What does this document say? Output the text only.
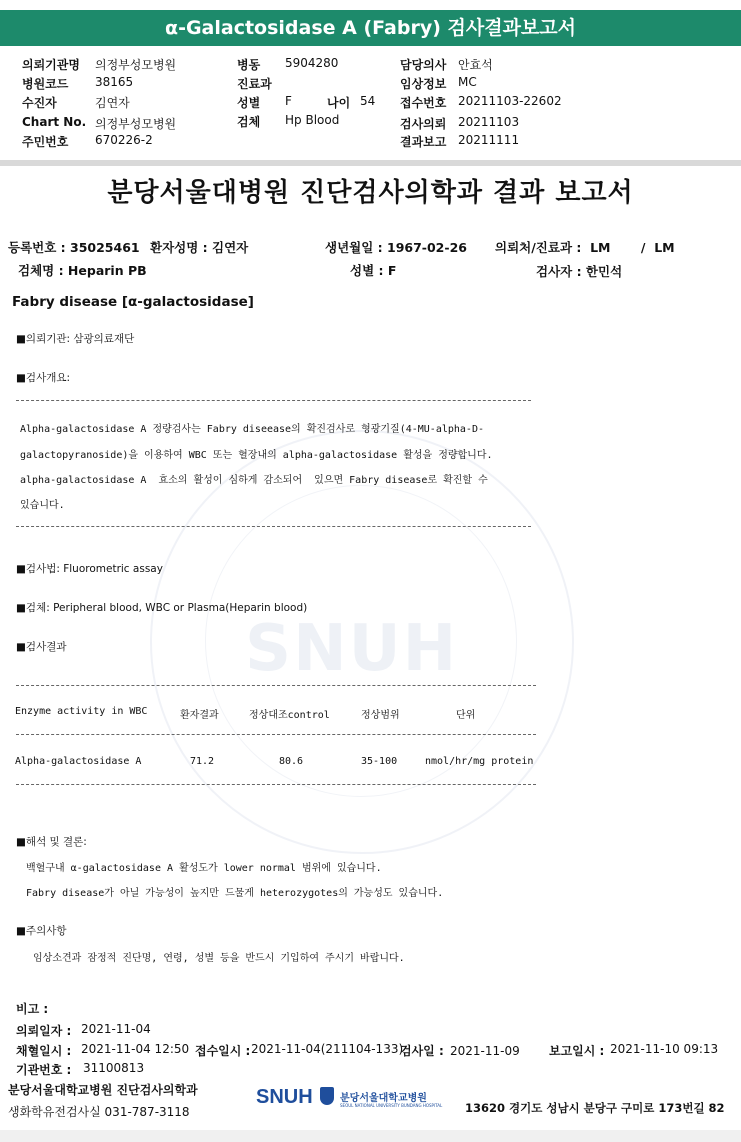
SNUH
α-Galactosidase A (Fabry) 검사결과보고서
의뢰기관명 의정부성모병원
병원코드 38165
수진자	김연자
Chart No. 의정부성모병원
주민번호 670226-2
병동 5904280
진료과
성별 F	나이 54
검체 Hp Blood
담당의사 안효석
임상정보 MC
접수번호 20211103-22602
검사의뢰 20211103
결과보고 20211111
분당서울대병원 진단검사의학과 결과 보고서
등록번호 : 35025461 환자성명 : 김연자	생년월일 : 1967-02-26 의뢰처/진료과 :  LM       /  LM
검체명 : Heparin PB	성별 : F	검사자 : 한민석
Fabry disease [α-galactosidase]
■의뢰기관: 삼광의료재단
■검사개요:
Alpha-galactosidase A 정량검사는 Fabry diseease의 확진검사로 형광기질(4-MU-alpha-D-
galactopyranoside)을 이용하여 WBC 또는 혈장내의 alpha-galactosidase 활성을 정량합니다.
alpha-galactosidase A  효소의 활성이 심하게 감소되어  있으면 Fabry disease로 확진할 수
있습니다.
■검사법: Fluorometric assay
■검체: Peripheral blood, WBC or Plasma(Heparin blood)
■검사결과
Enzyme activity in WBC	환자결과	정상대조control	정상범위	단위
Alpha-galactosidase A	71.2	80.6	35-100	nmol/hr/mg protein
■해석 및 결론:
백혈구내 α-galactosidase A 활성도가 lower normal 범위에 있습니다.
Fabry disease가 아닐 가능성이 높지만 드물게 heterozygotes의 가능성도 있습니다.
■주의사항
임상소견과 잠정적 진단명, 연령, 성별 등을 반드시 기입하여 주시기 바랍니다.
비고 :
의뢰일자 : 2021-11-04
채혈일시 : 2021-11-04 12:50 접수일시 : 2021-11-04(211104-133)
검사일 : 2021-11-09 보고일시 : 2021-11-10 09:13
기관번호 : 31100813
분당서울대학교병원 진단검사의학과
생화학유전검사실 031-787-3118
SNUH	분당서울대학교병원
SEOUL NATIONAL UNIVERSITY BUNDANG HOSPITAL 13620 경기도 성남시 분당구 구미로 173번길 82
